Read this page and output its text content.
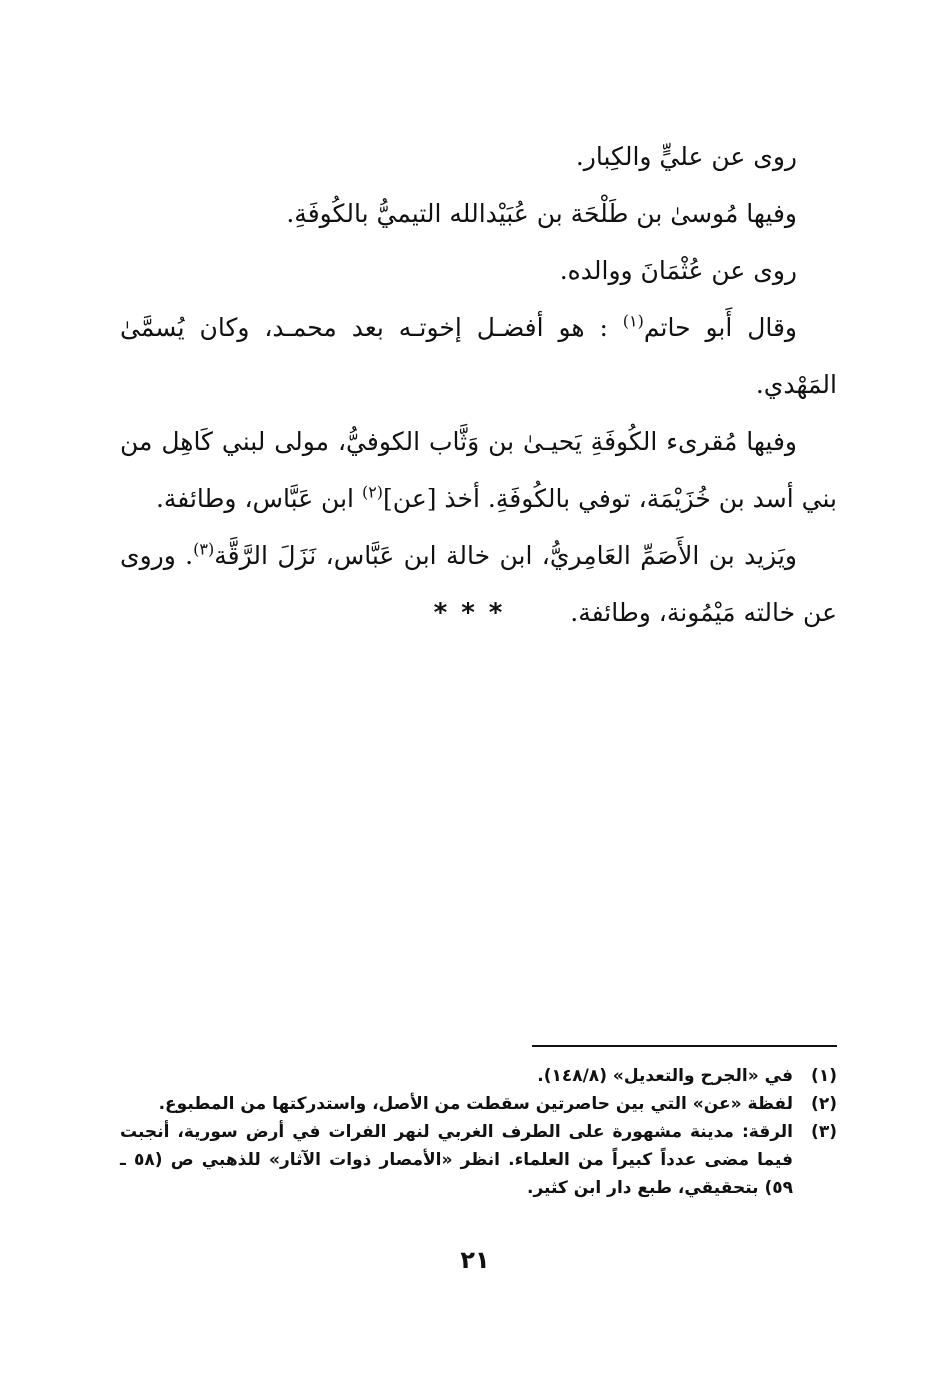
روى عن عليٍّ والكِبار.

وفيها مُوسىٰ بن طَلْحَة بن عُبَيْدالله التيميُّ بالكُوفَةِ.

روى عن عُثْمَانَ ووالده.

وقال أَبو حاتم$^{(١)}$ : هو أفضـل إخوتـه بعد محمـد، وكان يُسمَّىٰ المَهْدي.

وفيها مُقرىء الكُوفَةِ يَحيـىٰ بن وَثَّاب الكوفيُّ، مولى لبني كَاهِل من بني أسد بن خُزَيْمَة، توفي بالكُوفَةِ. أخذ [عن]$^{(٢)}$ ابن عَبَّاس، وطائفة.

ويَزيد بن الأَصَمِّ العَامِريُّ، ابن خالة ابن عَبَّاس، نَزَلَ الرَّقَّة$^{(٣)}$. وروى عن خالته مَيْمُونة، وطائفة.

***
(١)
في «الجرح والتعديل» (١٤٨/٨).
(٢)
لفظة «عن» التي بين حاصرتين سقطت من الأصل، واستدركتها من المطبوع.
(٣)
الرقة: مدينة مشهورة على الطرف الغربي لنهر الفرات في أرض سورية، أنجبت فيما مضى عدداً كبيراً من العلماء. انظر «الأمصار ذوات الآثار» للذهبي ص (٥٨ ـ ٥٩) بتحقيقي، طبع دار ابن كثير.
٢١
